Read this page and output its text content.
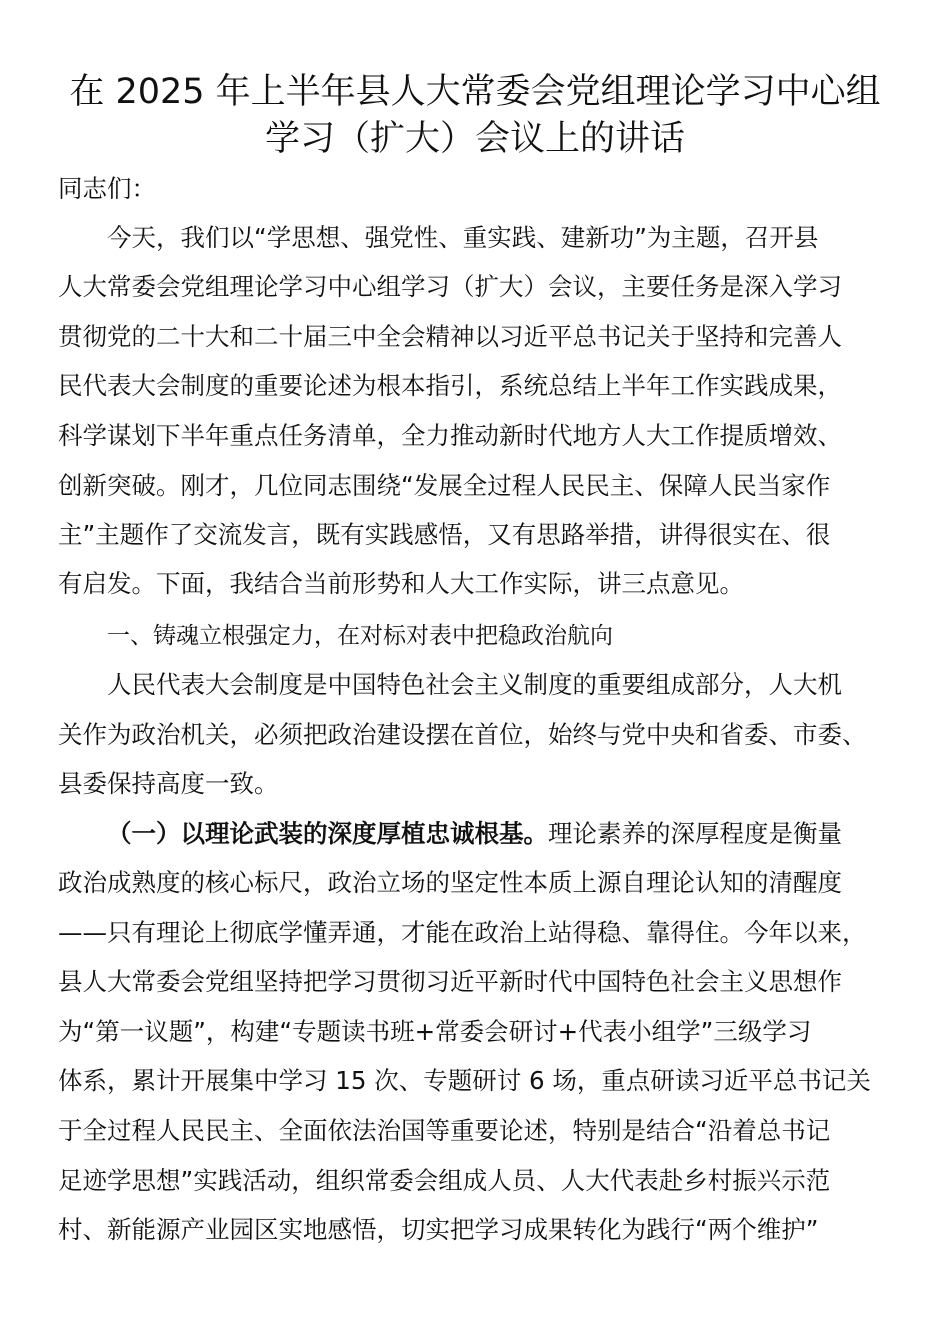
在 2025 年上半年县人大常委会党组理论学习中心组
学习（扩大）会议上的讲话
同志们：
今天，我们以“学思想、强党性、重实践、建新功”为主题，召开县
人大常委会党组理论学习中心组学习（扩大）会议，主要任务是深入学习
贯彻党的二十大和二十届三中全会精神以习近平总书记关于坚持和完善人
民代表大会制度的重要论述为根本指引，系统总结上半年工作实践成果，
科学谋划下半年重点任务清单，全力推动新时代地方人大工作提质增效、
创新突破。刚才，几位同志围绕“发展全过程人民民主、保障人民当家作
主”主题作了交流发言，既有实践感悟，又有思路举措，讲得很实在、很
有启发。下面，我结合当前形势和人大工作实际，讲三点意见。
一、铸魂立根强定力，在对标对表中把稳政治航向
人民代表大会制度是中国特色社会主义制度的重要组成部分，人大机
关作为政治机关，必须把政治建设摆在首位，始终与党中央和省委、市委、
县委保持高度一致。
（一）以理论武装的深度厚植忠诚根基。理论素养的深厚程度是衡量
政治成熟度的核心标尺，政治立场的坚定性本质上源自理论认知的清醒度
——只有理论上彻底学懂弄通，才能在政治上站得稳、靠得住。今年以来，
县人大常委会党组坚持把学习贯彻习近平新时代中国特色社会主义思想作
为“第一议题”，构建“专题读书班+常委会研讨+代表小组学”三级学习
体系，累计开展集中学习 15 次、专题研讨 6 场，重点研读习近平总书记关
于全过程人民民主、全面依法治国等重要论述，特别是结合“沿着总书记
足迹学思想”实践活动，组织常委会组成人员、人大代表赴乡村振兴示范
村、新能源产业园区实地感悟，切实把学习成果转化为践行“两个维护”
